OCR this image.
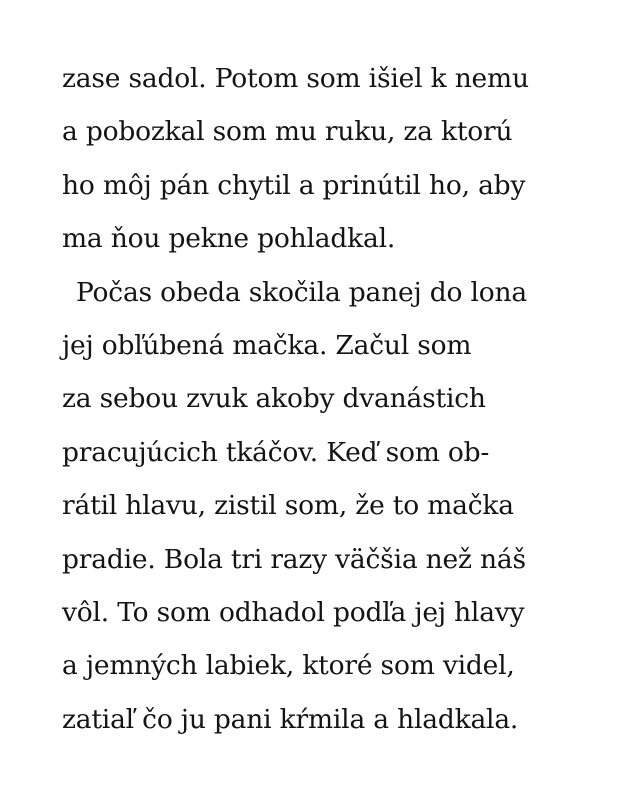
zase sadol. Potom som išiel k nemu
a pobozkal som mu ruku, za ktorú
ho môj pán chytil a prinútil ho, aby
ma ňou pekne pohladkal.
Počas obeda skočila panej do lona
jej obľúbená mačka. Začul som
za sebou zvuk akoby dvanástich
pracujúcich tkáčov. Keď som ob-
rátil hlavu, zistil som, že to mačka
pradie. Bola tri razy väčšia než náš
vôl. To som odhadol podľa jej hlavy
a jemných labiek, ktoré som videl,
zatiaľ čo ju pani kŕmila a hladkala.
